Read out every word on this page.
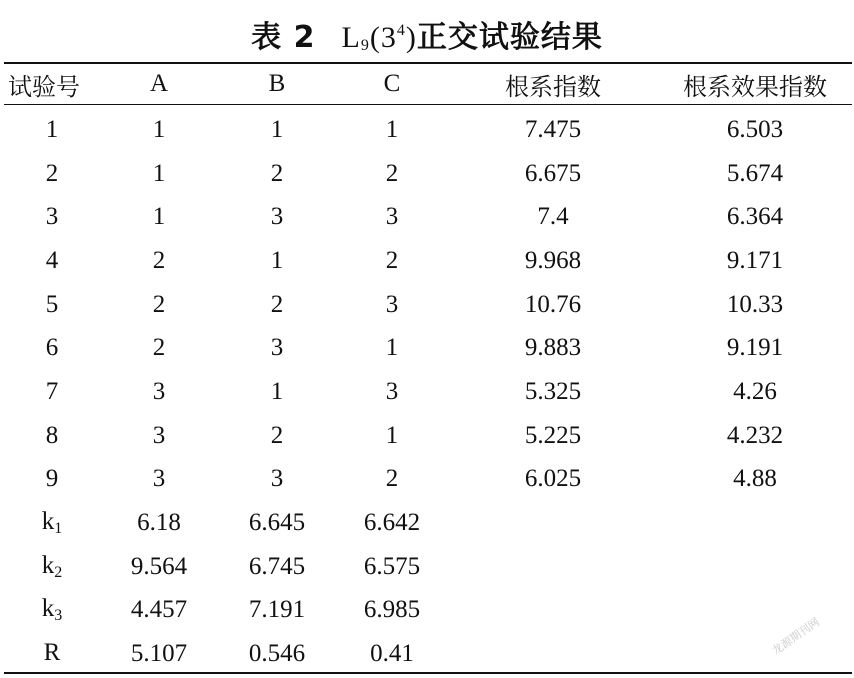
表 2 $L_9(3^4)$正交试验结果
试验号	A	B	C	根系指数	根系效果指数
1	1	1	1	7.475	6.503
2	1	2	2	6.675	5.674
3	1	3	3	7.4	6.364
4	2	1	2	9.968	9.171
5	2	2	3	10.76	10.33
6	2	3	1	9.883	9.191
7	3	1	3	5.325	4.26
8	3	2	1	5.225	4.232
9	3	3	2	6.025	4.88
$k_1$	6.18	6.645	6.642		
$k_2$	9.564	6.745	6.575		
$k_3$	4.457	7.191	6.985		
R	5.107	0.546	0.41			龙源期刊网
